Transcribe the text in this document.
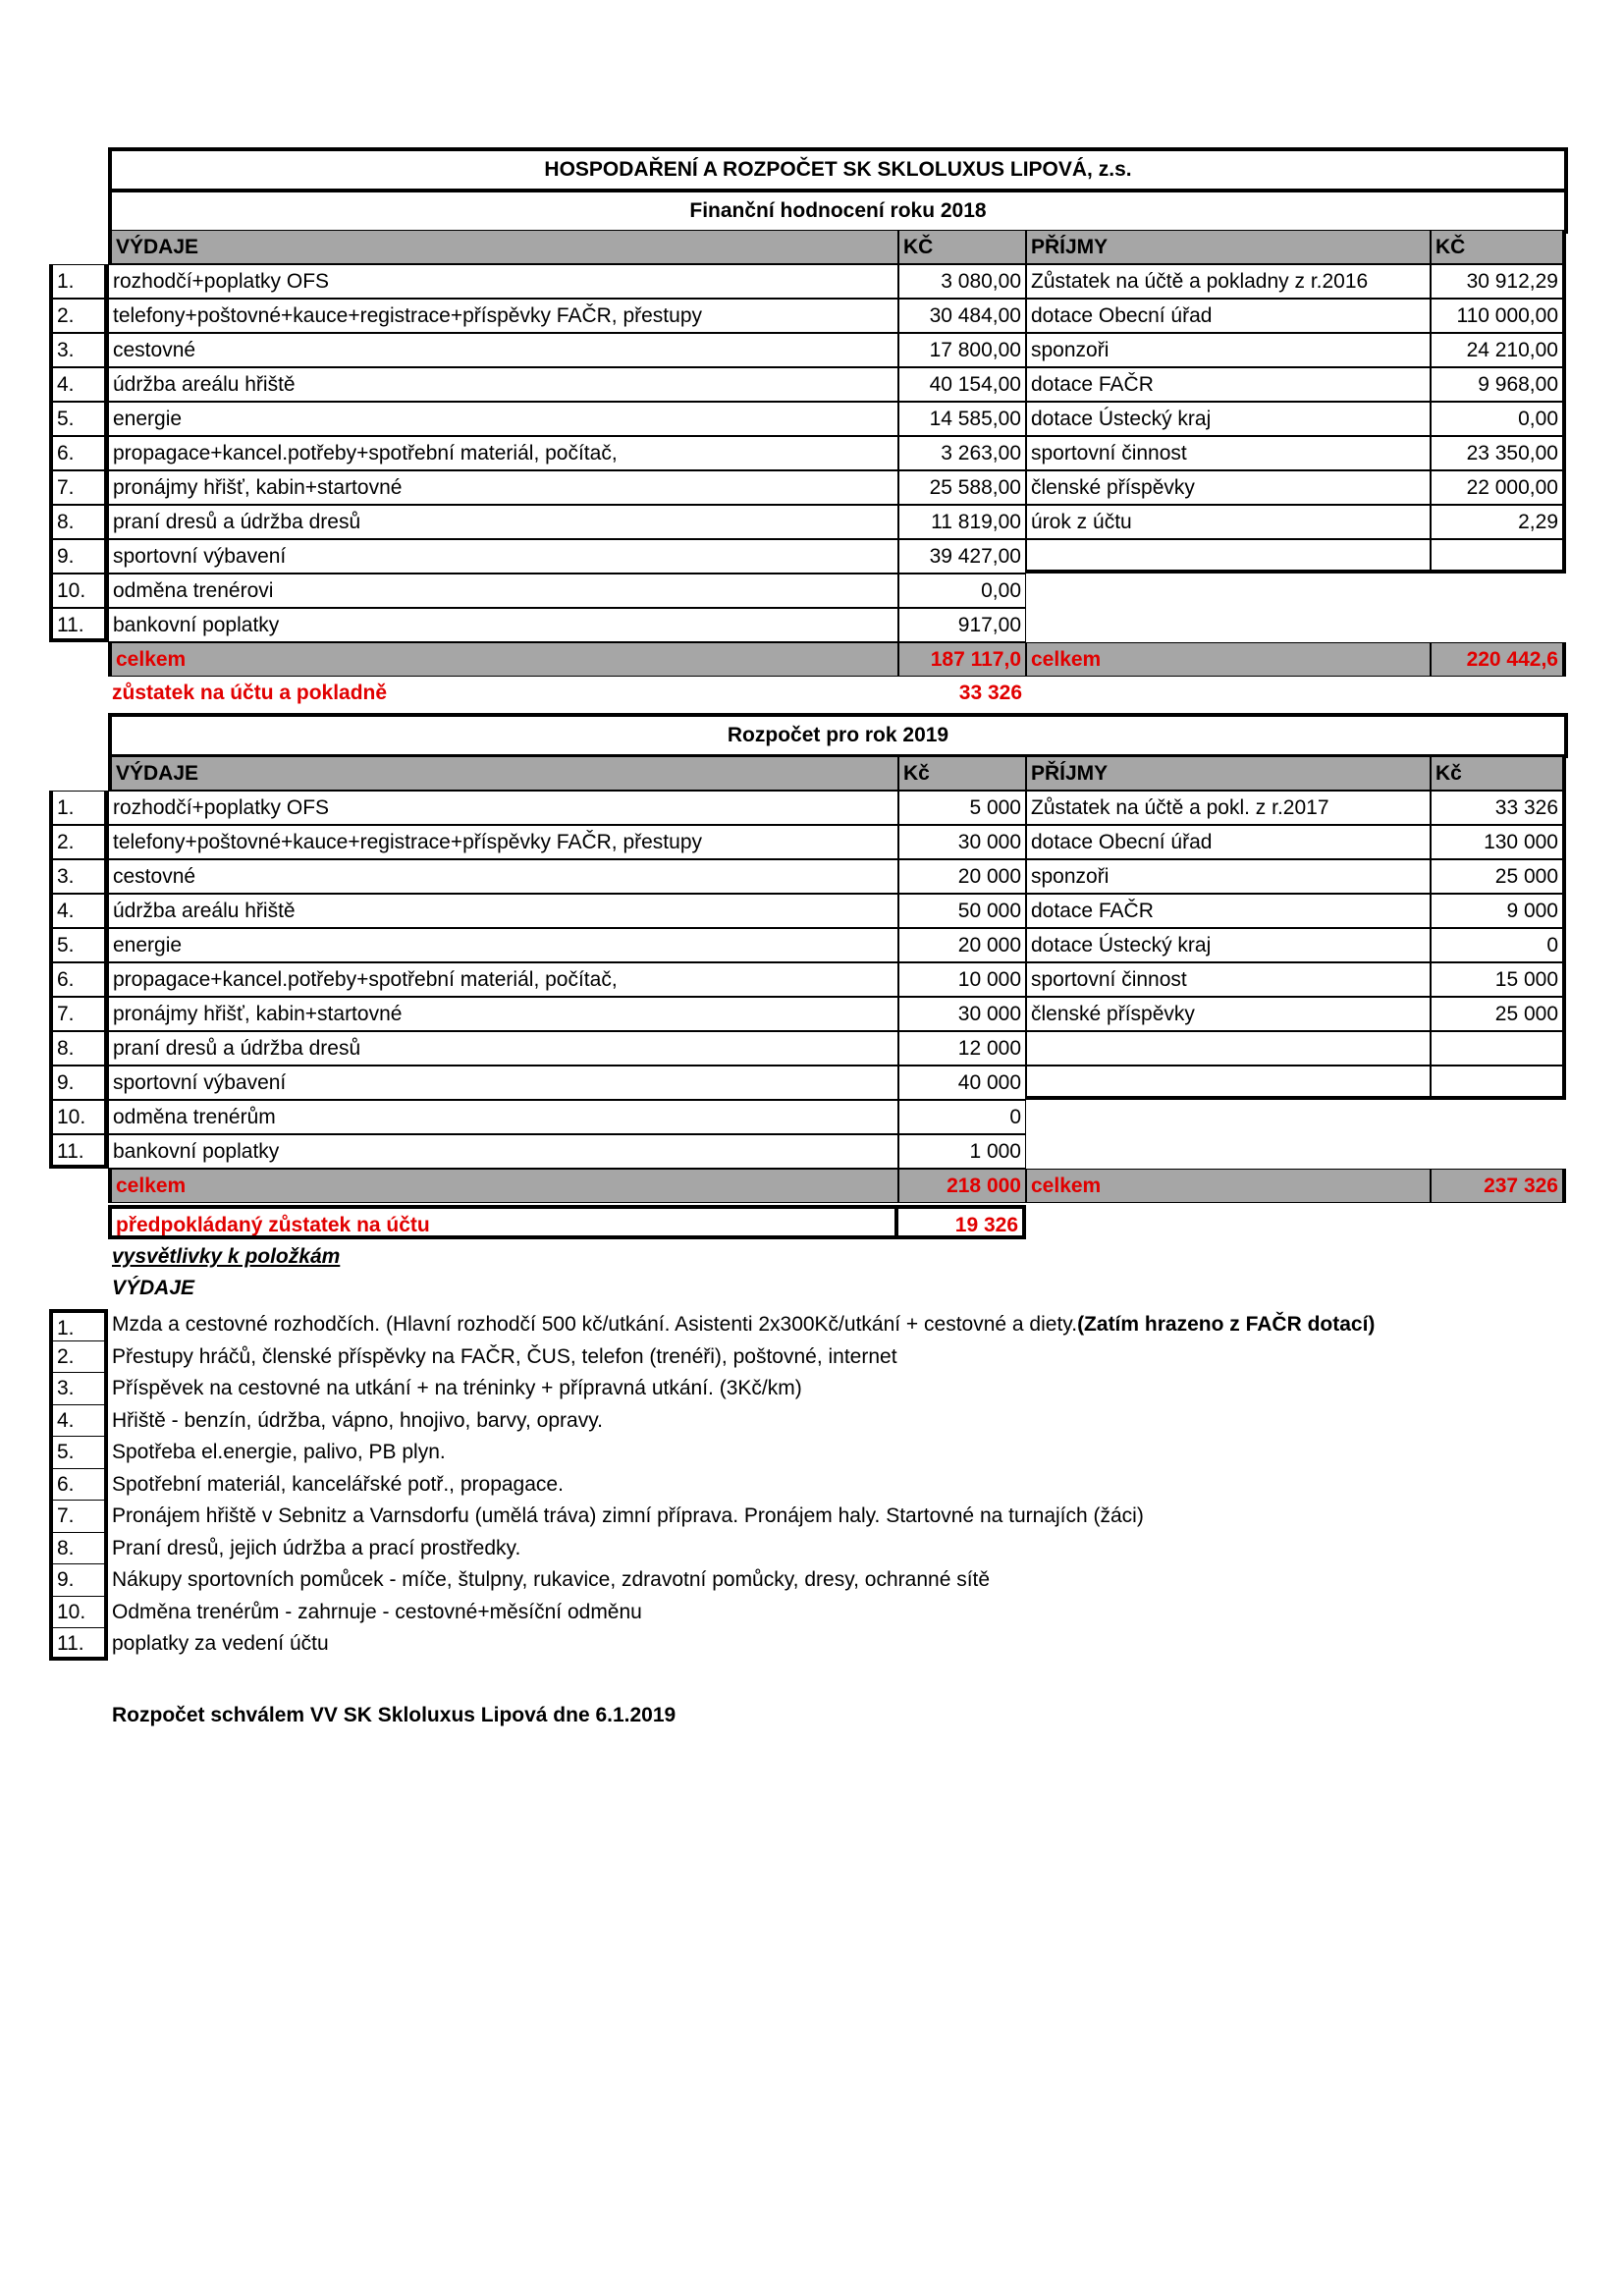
HOSPODAŘENÍ A ROZPOČET SK SKLOLUXUS LIPOVÁ, z.s.
Finanční hodnocení roku 2018
VÝDAJE	KČ	PŘÍJMY	KČ
1.	rozhodčí+poplatky OFS	3 080,00 Zůstatek na účtě a pokladny z r.2016	30 912,29
2.	telefony+poštovné+kauce+registrace+příspěvky FAČR, přestupy	30 484,00 dotace Obecní úřad	110 000,00
3.	cestovné	17 800,00 sponzoři	24 210,00
4.	údržba areálu hřiště	40 154,00 dotace FAČR	9 968,00
5.	energie	14 585,00 dotace Ústecký kraj	0,00
6.	propagace+kancel.potřeby+spotřební materiál, počítač,	3 263,00 sportovní činnost	23 350,00
7.	pronájmy hřišť, kabin+startovné	25 588,00 členské příspěvky	22 000,00
8.	praní dresů a údržba dresů	11 819,00 úrok z účtu	2,29
9.	sportovní výbavení	39 427,00
10.	odměna trenérovi	0,00
11.	bankovní poplatky	917,00
celkem	187 117,0 celkem	220 442,6
zůstatek na účtu a pokladně	33 326
Rozpočet pro rok 2019
VÝDAJE	Kč	PŘÍJMY	Kč
1.	rozhodčí+poplatky OFS	5 000 Zůstatek na účtě a pokl. z r.2017	33 326
2.	telefony+poštovné+kauce+registrace+příspěvky FAČR, přestupy	30 000 dotace Obecní úřad	130 000
3.	cestovné	20 000 sponzoři	25 000
4.	údržba areálu hřiště	50 000 dotace FAČR	9 000
5.	energie	20 000 dotace Ústecký kraj	0
6.	propagace+kancel.potřeby+spotřební materiál, počítač,	10 000 sportovní činnost	15 000
7.	pronájmy hřišť, kabin+startovné	30 000 členské příspěvky	25 000
8.	praní dresů a údržba dresů	12 000
9.	sportovní výbavení	40 000
10.	odměna trenérům	0
11.	bankovní poplatky	1 000
celkem	218 000 celkem	237 326
předpokládaný zůstatek na účtu	19 326
vysvětlivky k položkám
VÝDAJE
1.	Mzda a cestovné rozhodčích. (Hlavní rozhodčí 500 kč/utkání. Asistenti 2x300Kč/utkání + cestovné a diety.(Zatím hrazeno z FAČR dotací)
2.	Přestupy hráčů, členské příspěvky na FAČR, ČUS, telefon (trenéři), poštovné, internet
3.	Příspěvek na cestovné na utkání + na tréninky + přípravná utkání. (3Kč/km)
4.	Hřiště - benzín, údržba, vápno, hnojivo, barvy, opravy.
5.	Spotřeba el.energie, palivo, PB plyn.
6.	Spotřební materiál, kancelářské potř., propagace.
7.	Pronájem hřiště v Sebnitz a Varnsdorfu (umělá tráva) zimní příprava. Pronájem haly. Startovné na turnajích (žáci)
8.	Praní dresů, jejich údržba a prací prostředky.
9.	Nákupy sportovních pomůcek - míče, štulpny, rukavice, zdravotní pomůcky, dresy, ochranné sítě
10.	Odměna trenérům - zahrnuje - cestovné+měsíční odměnu
11.	poplatky za vedení účtu
Rozpočet schválem VV SK Skloluxus Lipová dne 6.1.2019
